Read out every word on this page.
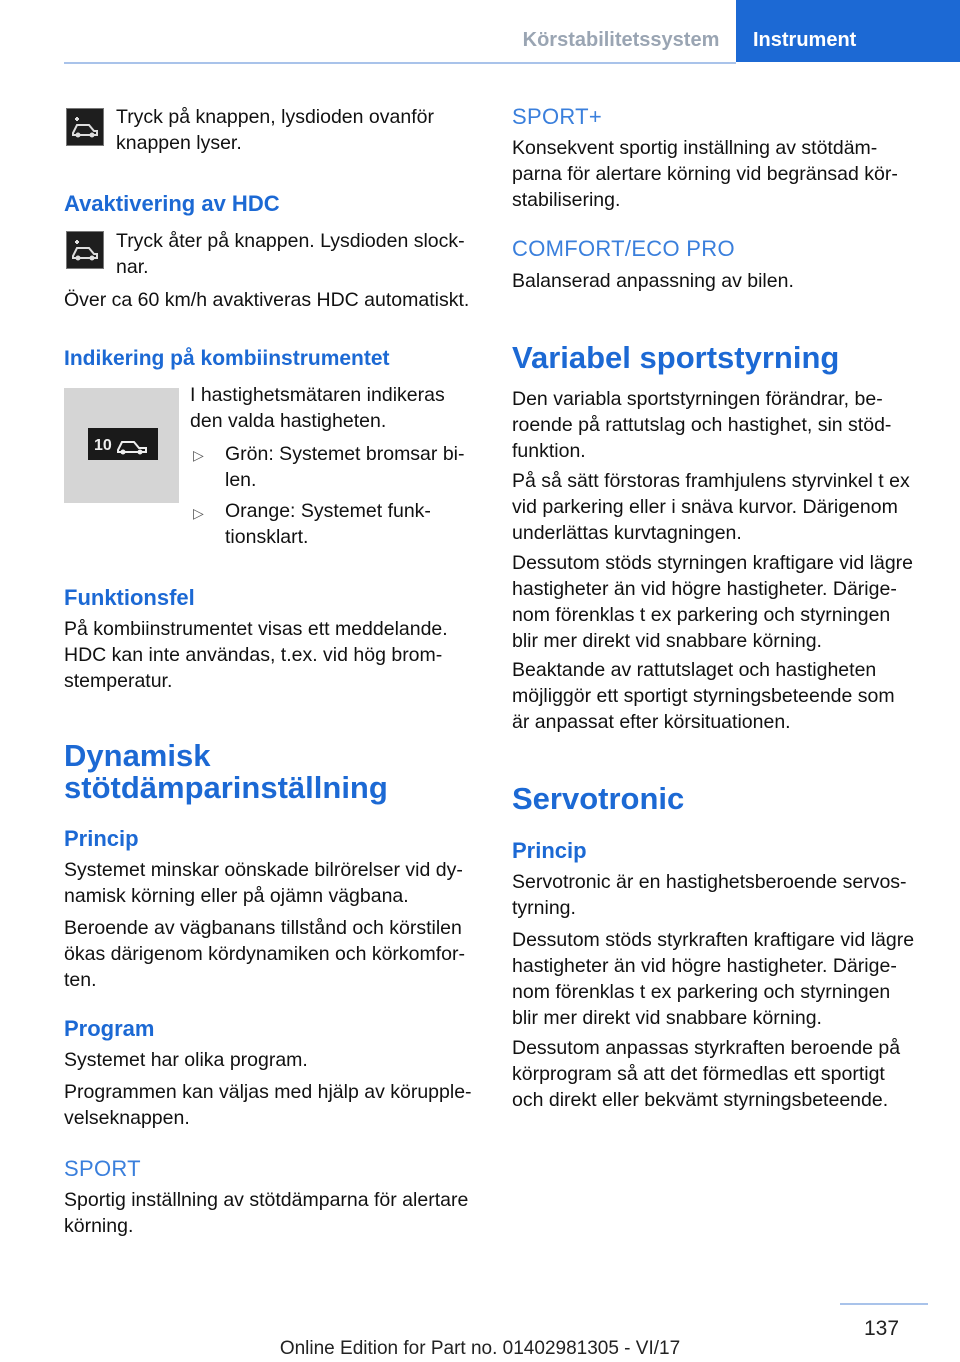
Körstabilitetssystem	Instrument

Tryck på knappen, lysdioden ovanför
knappen lyser.

Avaktivering av HDC

Tryck åter på knappen. Lysdioden slock‐
nar.

Över ca 60 km/h avaktiveras HDC automatiskt.

Indikering på kombiinstrumentet
10

I hastighetsmätaren indikeras
den valda hastigheten.

▷ Grön: Systemet bromsar bi‐
len.

▷ Orange: Systemet funk‐
tionsklart.

Funktionsfel

På kombiinstrumentet visas ett meddelande.
HDC kan inte användas, t.ex. vid hög brom‐
stemperatur.

Dynamisk
stötdämparinställning
Princip

Systemet minskar oönskade bilrörelser vid dy‐
namisk körning eller på ojämn vägbana.

Beroende av vägbanans tillstånd och körstilen
ökas därigenom kördynamiken och körkomfor‐
ten.

Program

Systemet har olika program.

Programmen kan väljas med hjälp av körupple‐
velseknappen.

SPORT

Sportig inställning av stötdämparna för alertare
körning.

SPORT+

Konsekvent sportig inställning av stötdäm‐
parna för alertare körning vid begränsad kör‐
stabilisering.

COMFORT/ECO PRO

Balanserad anpassning av bilen.

Variabel sportstyrning

Den variabla sportstyrningen förändrar, be‐
roende på rattutslag och hastighet, sin stöd‐
funktion.

På så sätt förstoras framhjulens styrvinkel t ex
vid parkering eller i snäva kurvor. Därigenom
underlättas kurvtagningen.

Dessutom stöds styrningen kraftigare vid lägre
hastigheter än vid högre hastigheter. Därige‐
nom förenklas t ex parkering och styrningen
blir mer direkt vid snabbare körning.

Beaktande av rattutslaget och hastigheten
möjliggör ett sportigt styrningsbeteende som
är anpassat efter körsituationen.

Servotronic
Princip

Servotronic är en hastighetsberoende servos‐
tyrning.

Dessutom stöds styrkraften kraftigare vid lägre
hastigheter än vid högre hastigheter. Därige‐
nom förenklas t ex parkering och styrningen
blir mer direkt vid snabbare körning.

Dessutom anpassas styrkraften beroende på
körprogram så att det förmedlas ett sportigt
och direkt eller bekvämt styrningsbeteende.

137
Online Edition for Part no. 01402981305 - VI/17
